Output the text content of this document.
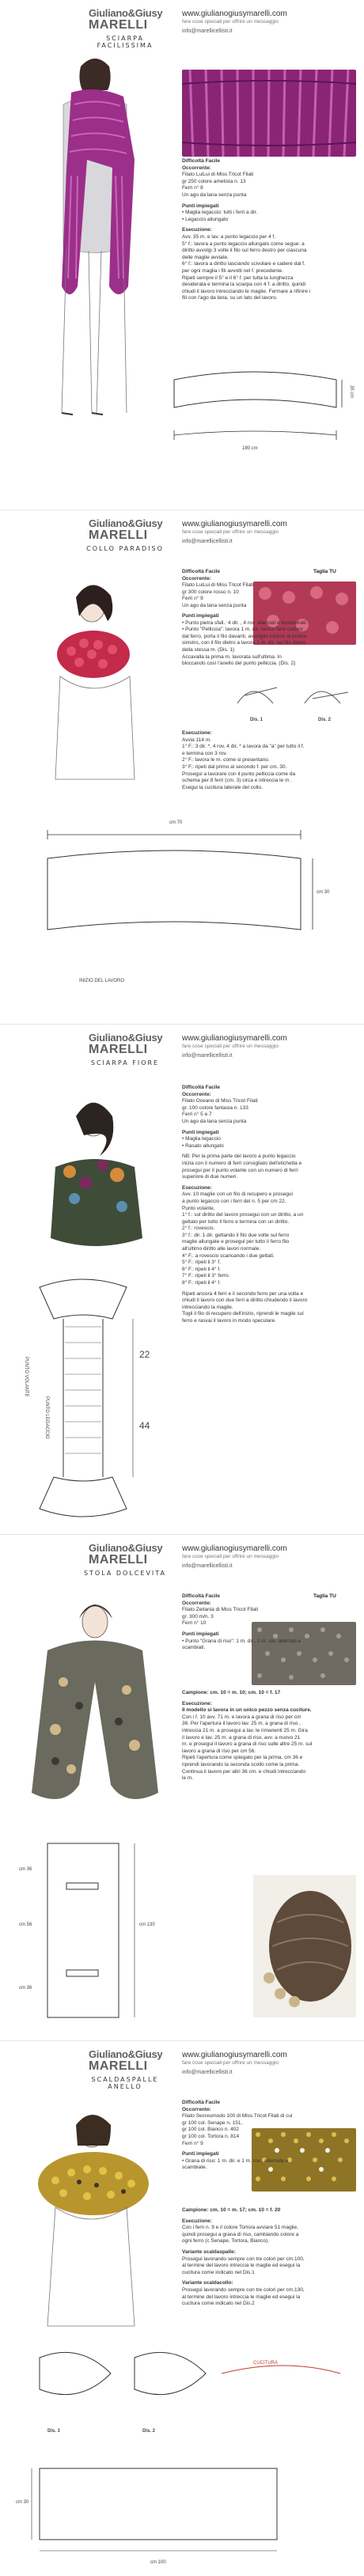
Giuliano&Giusy
MARELLI
SCIARPA FACILISSIMA
www.giulianogiusymarelli.com
fare cose speciali per offrire un messaggio
info@marellicellisti.it
Difficoltà Facile
Occorrente:
Filato LuiLui di Miss Tricot Filati
gr 250 colore ametista n. 13
Ferri n° 8
Un ago da lana senza punta
Punti impiegati
• Maglia legaccio: tutti i ferri a dir.
• Legaccio allungato
Esecuzione:
Avv. 35 m. e lav. a punto legaccio per 4 f.
5° f.: lavora a punto legaccio allungato come segue: a
diritto avvolgi 3 volte il filo sul ferro destro per ciascuna
delle maglie avviate.
6° f.: lavora a diritto lasciando scivolare e cadere dal f.
per ogni maglia i fili avvolti nel f. precedente.
Ripeti sempre il 5° e il 6° f. per tutta la lunghezza
desiderata e termina la sciarpa con 4 f. a diritto, quindi
chiudi il lavoro intrecciando le maglie. Fermare a rifinire i
fili con l'ago da lana, su un lato del lavoro.
35 cm
180 cm
Giuliano&Giusy
MARELLI
COLLO PARADISO
www.giulianogiusymarelli.com
fare cose speciali per offrire un messaggio
info@marellicellisti.it
Taglia TU
Difficoltà Facile
Occorrente:
Filato LuiLui di Miss Tricot Filati
gr 300 colore rosso n. 10
Ferri n° 9
Un ago da lana senza punta
Punti impiegati
• Punto pietra sfall.: 4 dir. , 4 rov. alternati e incolonnati.
• Punto "Pelliccia": lavora 1 m. dir. senza farla cadere
dal ferro, porta il filo davanti, avvolgilo intorno al pollice
sinistro, con il filo dietro a lavora 1 m. dir. nel filo dietro
della stessa m. (Dis. 1)
Accavalla la prima m. lavorata sull'ultima. In
bloccando così l'anello del punto pelliccia. (Dis. 2)
Dis. 1	Dis. 2
Esecuzione:
Avvia 114 m.
1° F.: 3 dir. *, 4 rov, 4 dir, * a lavora da "a" per tutto il f.
e termina con 3 rov.
2° F.: lavora le m. come si presentano.
3° F.: ripeti dal primo al secondo f. per cm. 30.
Prosegui a lavorare con il punto pelliccia come da
schema per 8 ferri (cm. 3) circa e intreccia le m.
Esegui la cucitura laterale del collo.
cm 70
cm 30
INIZIO DEL LAVORO
Giuliano&Giusy
MARELLI
SCIARPA FIORE
www.giulianogiusymarelli.com
fare cose speciali per offrire un messaggio
info@marellicellisti.it
22
44
PUNTO VOLANTE
PUNTO LEGACCIO
Difficoltà Facile
Occorrente:
Filato Oceano di Miss Tricot Filati
gr. 100 colore fantasia n. 133
Ferri n° 5 e 7
Un ago da lana senza punta
Punti impiegati
• Maglia legaccio
• Rasato allungato
NB: Per la prima parte del lavoro a punto legaccio
inizia con il numero di ferri consigliato dell'etichetta e
prosegui per il punto volante con un numero di ferri
superiore di due numeri.
Esecuzione:
Avv. 10 maglie con un filo di recupero e prosegui
a punto legaccio con i ferri del n. 5 per cm 22.
Punto volante,
1° f.: sul diritto del lavoro prosegui con un diritto, a un
gettato per tutto il ferro e termina con un diritto.
2° f.: rovescio.
3° f.: dir. 1 dir. gettando il filo due volte sul ferro
maglie allungate e prosegui per tutto il ferro filo
all'ultimo diritto alle lavori normale.
4° F.: a rovescio scaricando i due gettati.
5° F.: ripeti il 3° f.
6° F.: ripeti il 4° f.
7° F.: ripeti il 3° ferro.
8° F.: ripeti il 4° f.
Ripeti ancora 4 ferri e il secondo ferro per una volta e
chiudi il lavoro con due ferri a diritto chiudendo il lavoro
intrecciando la maglie.
Togli il filo di recupero dell'inizio, riprendi le maglie sul
ferro e rasvai il lavoro in modo speculare.
Giuliano&Giusy
MARELLI
STOLA DOLCEVITA
www.giulianogiusymarelli.com
fare cose speciali per offrire un messaggio
info@marellicellisti.it
Taglia TU
Difficoltà Facile
Occorrente:
Filato Zeitania di Miss Tricot Filati
gr. 300 m/n. 3
Ferri n° 10
Punti impiegati
• Punto "Grana di riso": 1 m. dir., 1 m. rov. alternati e
scambiati.
Campione: cm. 10 = m. 10; cm. 10 = f. 17
Esecuzione:
Il modello si lavora in un unico pezzo senza cuciture.
Con i f. 10 avv. 71 m. e lavora a grana di riso per cm
36. Per l'apertura il lavoro lav. 25 m. a grana di riso ,
intreccia 21 m. a prosegui a lav. le rimanenti 25 m. Gira
il lavoro e lav. 25 m. a grana di riso, avv. a nuovo 21
m. e prosegui il lavoro a grana di riso sulle altre 25 m. sul
lavoro a grana di riso per cm 56.
Ripeti l'apertura come spiegato per la prima, cm 36 e
riprendi lavorando la seconda scollo come la prima.
Continua il lavoro per altri 36 cm. e chiudi intrecciando
le m.
cm 36
cm 56
cm 36
cm 130
Giuliano&Giusy
MARELLI
SCALDASPALLE ANELLO
www.giulianogiusymarelli.com
fare cose speciali per offrire un messaggio
info@marellicellisti.it
Difficoltà Facile
Occorrente:
Filato Secreumodo 100 di Miss Tricot Filati di cui
gr 100 col. Senape n. 151,
gr 100 col. Bianco n. 402
gr 100 col. Tortora n. 814
Ferri n° 9
Punti impiegati
• Grana di riso: 1 m. dir. e 1 m. rov., alternate e
scambiate.
Campione: cm. 10 = m. 17; cm. 10 = f. 20
Esecuzione:
Con i fern n. 9 e il colore Tortora avviare 51 maglie,
quindi prosegui a grana di riso, cambiando colore a
ogni ferro (c Senape, Tortora, Bianco).
Variante scaldaspalle:
Prosegui lavorando sempre con tre colori per cm.100,
al termine del lavoro intreccia le maglie ed esegui la
cucitura come indicato nel Dis.1
Variante scaldacollo:
Prosegui lavorando sempre con tre colori per cm.130,
al termine del lavoro intreccia le maglie ed esegui la
cucitura come indicato nel Dis.2
Dis. 1	Dis. 2
CUCITURA
cm 30
cm 100
